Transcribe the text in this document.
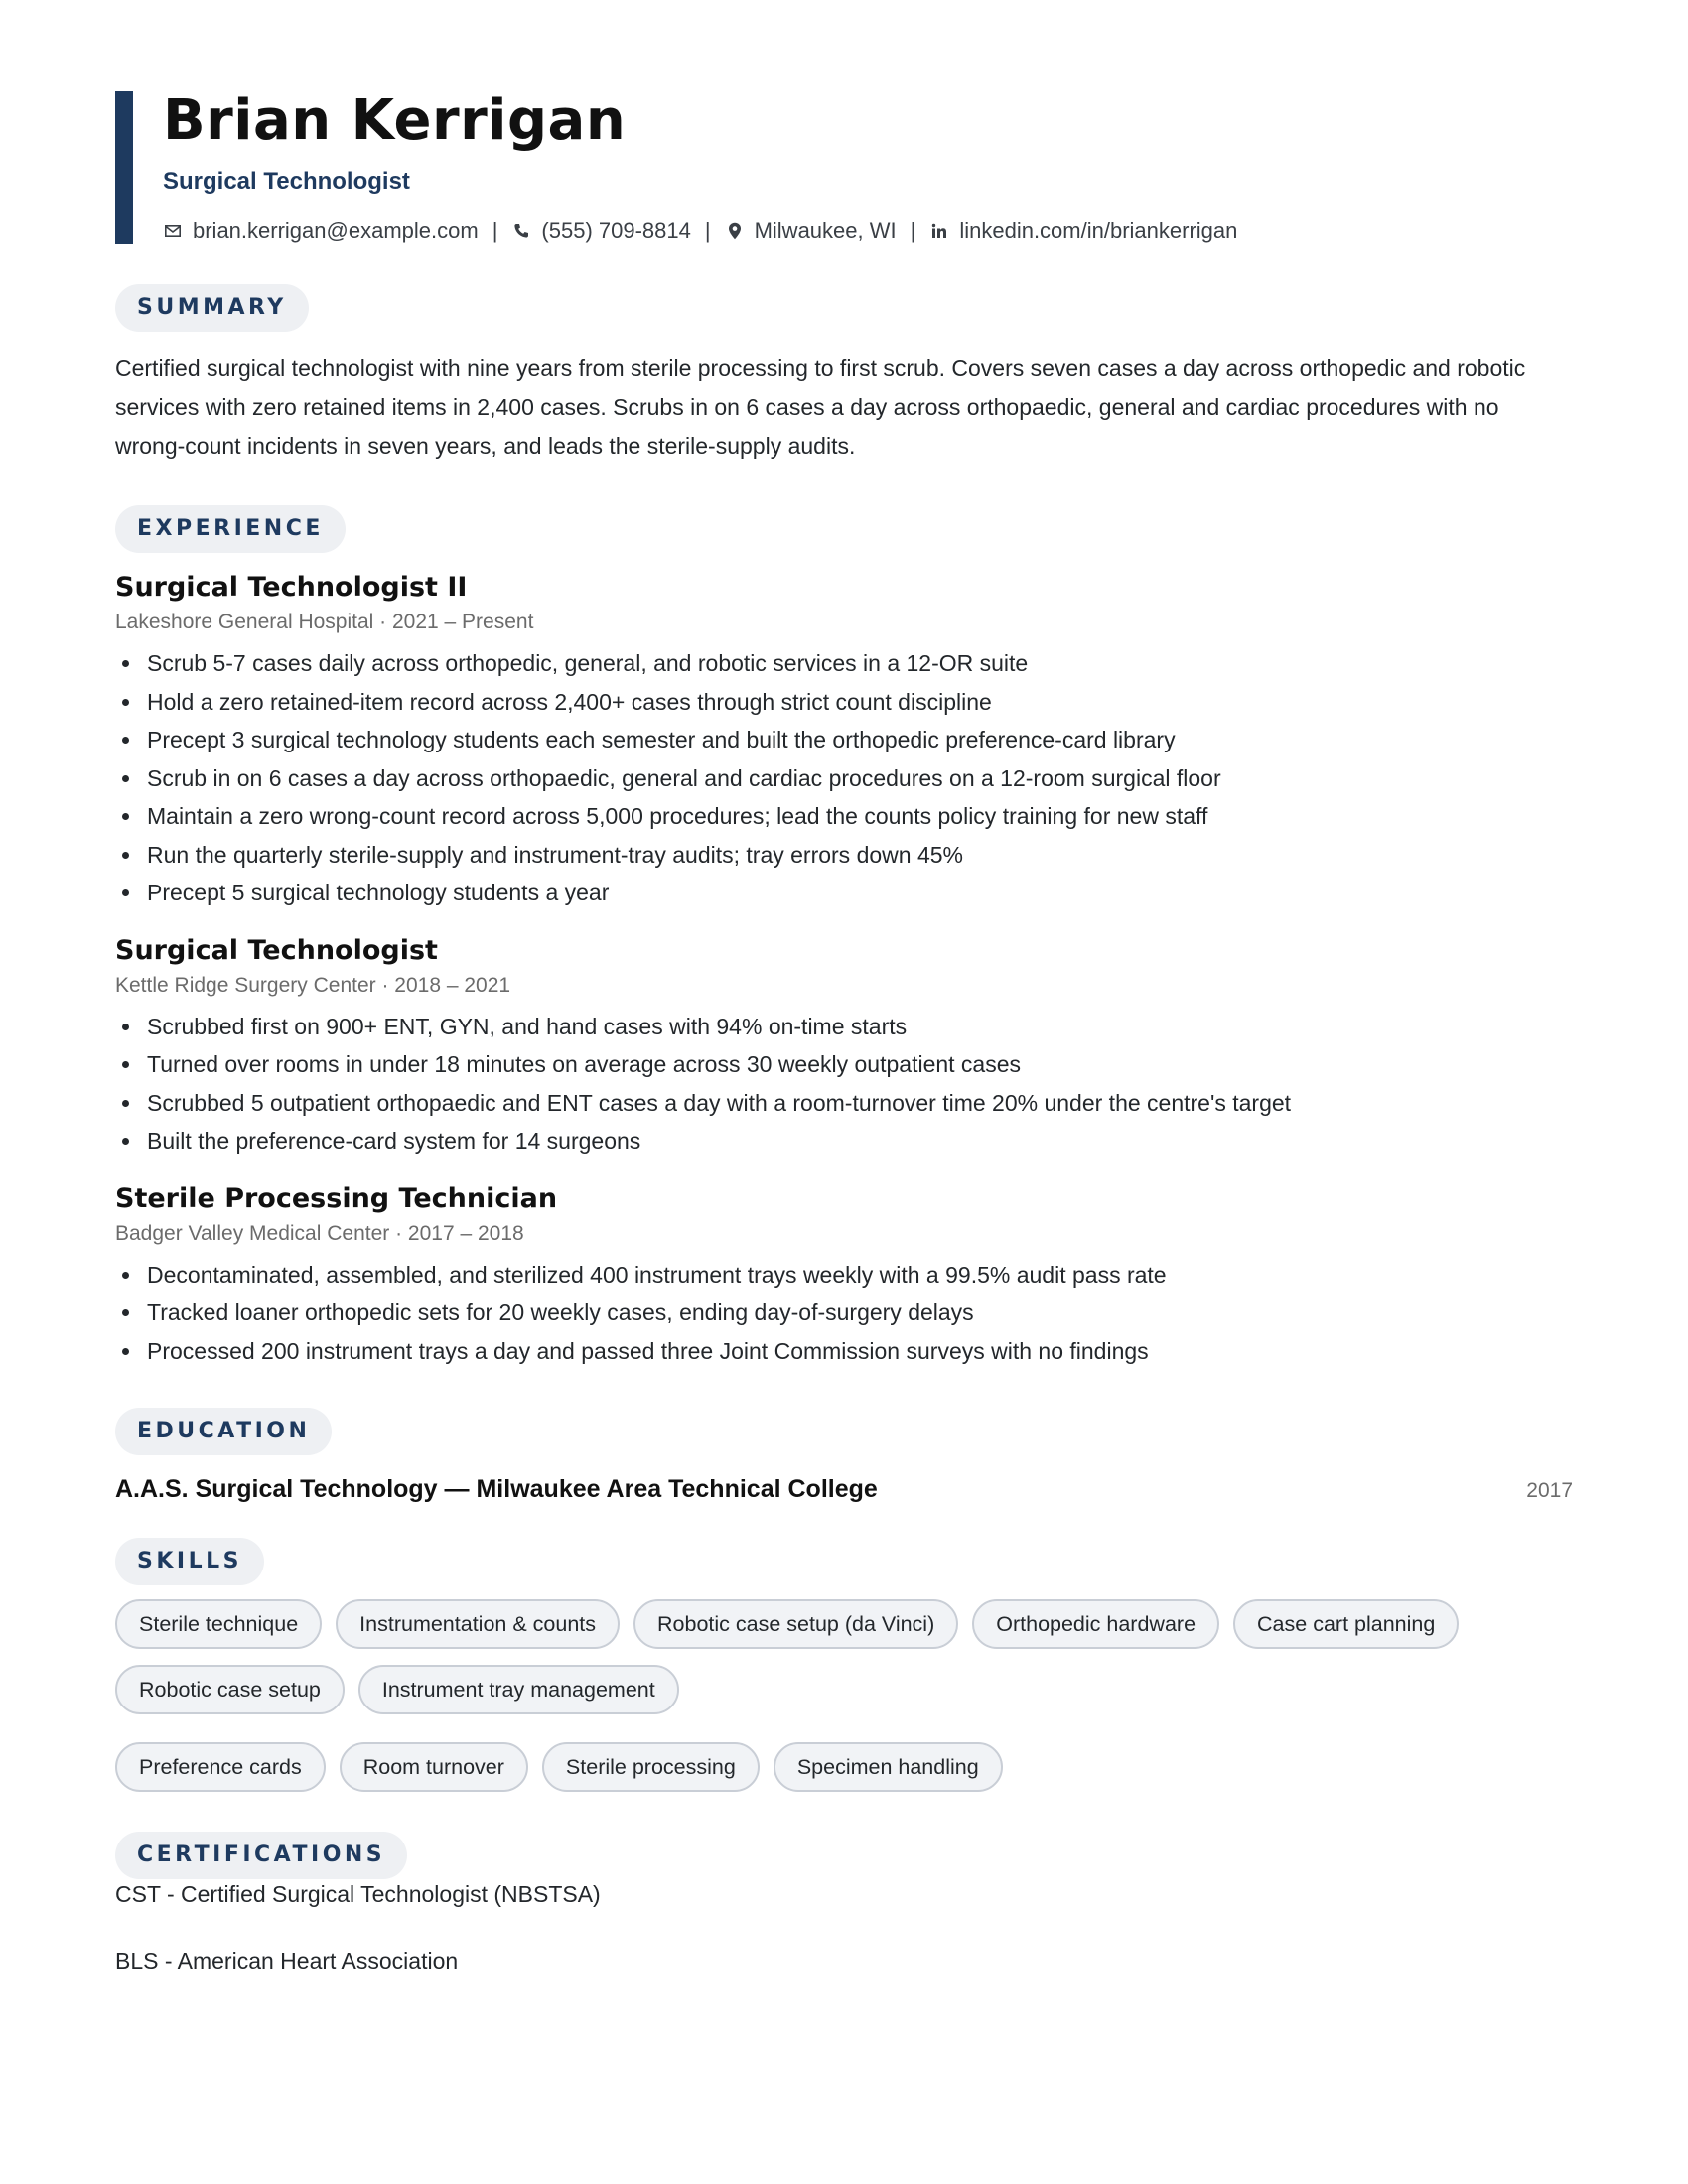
Brian Kerrigan
Surgical Technologist
brian.kerrigan@example.com | (555) 709-8814 | Milwaukee, WI | linkedin.com/in/briankerrigan
SUMMARY
Certified surgical technologist with nine years from sterile processing to first scrub. Covers seven cases a day across orthopedic and robotic services with zero retained items in 2,400 cases. Scrubs in on 6 cases a day across orthopaedic, general and cardiac procedures with no wrong-count incidents in seven years, and leads the sterile-supply audits.
EXPERIENCE
Surgical Technologist II
Lakeshore General Hospital · 2021 – Present
Scrub 5-7 cases daily across orthopedic, general, and robotic services in a 12-OR suite
Hold a zero retained-item record across 2,400+ cases through strict count discipline
Precept 3 surgical technology students each semester and built the orthopedic preference-card library
Scrub in on 6 cases a day across orthopaedic, general and cardiac procedures on a 12-room surgical floor
Maintain a zero wrong-count record across 5,000 procedures; lead the counts policy training for new staff
Run the quarterly sterile-supply and instrument-tray audits; tray errors down 45%
Precept 5 surgical technology students a year
Surgical Technologist
Kettle Ridge Surgery Center · 2018 – 2021
Scrubbed first on 900+ ENT, GYN, and hand cases with 94% on-time starts
Turned over rooms in under 18 minutes on average across 30 weekly outpatient cases
Scrubbed 5 outpatient orthopaedic and ENT cases a day with a room-turnover time 20% under the centre's target
Built the preference-card system for 14 surgeons
Sterile Processing Technician
Badger Valley Medical Center · 2017 – 2018
Decontaminated, assembled, and sterilized 400 instrument trays weekly with a 99.5% audit pass rate
Tracked loaner orthopedic sets for 20 weekly cases, ending day-of-surgery delays
Processed 200 instrument trays a day and passed three Joint Commission surveys with no findings
EDUCATION
A.A.S. Surgical Technology — Milwaukee Area Technical College	2017
SKILLS
Sterile technique	Instrumentation & counts	Robotic case setup (da Vinci)	Orthopedic hardware	Case cart planning
Robotic case setup	Instrument tray management
Preference cards	Room turnover	Sterile processing	Specimen handling
CERTIFICATIONS
CST - Certified Surgical Technologist (NBSTSA)
BLS - American Heart Association
